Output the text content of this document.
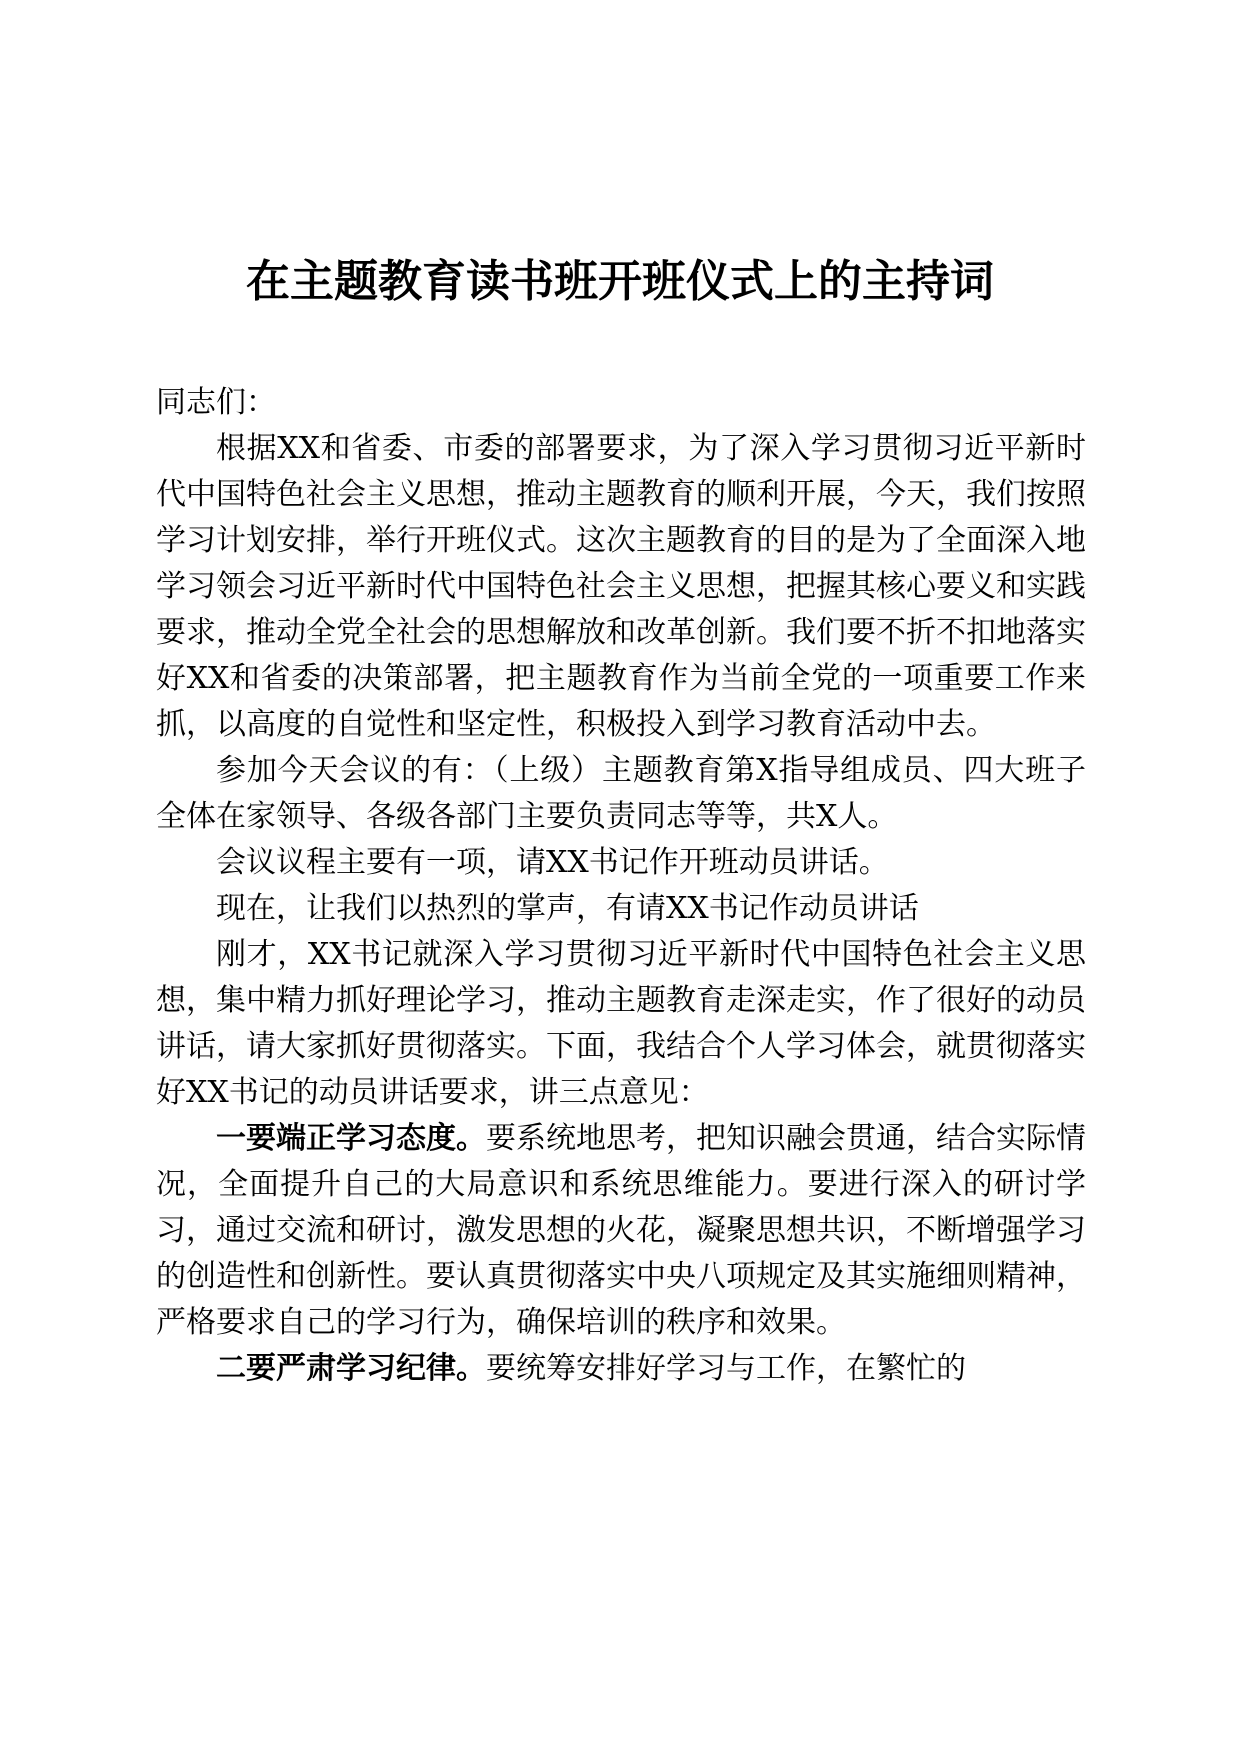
在主题教育读书班开班仪式上的主持词

同志们：

根据XX和省委、市委的部署要求，为了深入学习贯彻习近平新时代中国特色社会主义思想，推动主题教育的顺利开展，今天，我们按照学习计划安排，举行开班仪式。这次主题教育的目的是为了全面深入地学习领会习近平新时代中国特色社会主义思想，把握其核心要义和实践要求，推动全党全社会的思想解放和改革创新。我们要不折不扣地落实好XX和省委的决策部署，把主题教育作为当前全党的一项重要工作来抓，以高度的自觉性和坚定性，积极投入到学习教育活动中去。

参加今天会议的有：（上级）主题教育第X指导组成员、四大班子全体在家领导、各级各部门主要负责同志等等，共X人。

会议议程主要有一项，请XX书记作开班动员讲话。

现在，让我们以热烈的掌声，有请XX书记作动员讲话

刚才，XX书记就深入学习贯彻习近平新时代中国特色社会主义思想，集中精力抓好理论学习，推动主题教育走深走实，作了很好的动员讲话，请大家抓好贯彻落实。下面，我结合个人学习体会，就贯彻落实好XX书记的动员讲话要求，讲三点意见：

一要端正学习态度。要系统地思考，把知识融会贯通，结合实际情况，全面提升自己的大局意识和系统思维能力。要进行深入的研讨学习，通过交流和研讨，激发思想的火花，凝聚思想共识，不断增强学习的创造性和创新性。要认真贯彻落实中央八项规定及其实施细则精神，严格要求自己的学习行为，确保培训的秩序和效果。

二要严肃学习纪律。要统筹安排好学习与工作，在繁忙的
